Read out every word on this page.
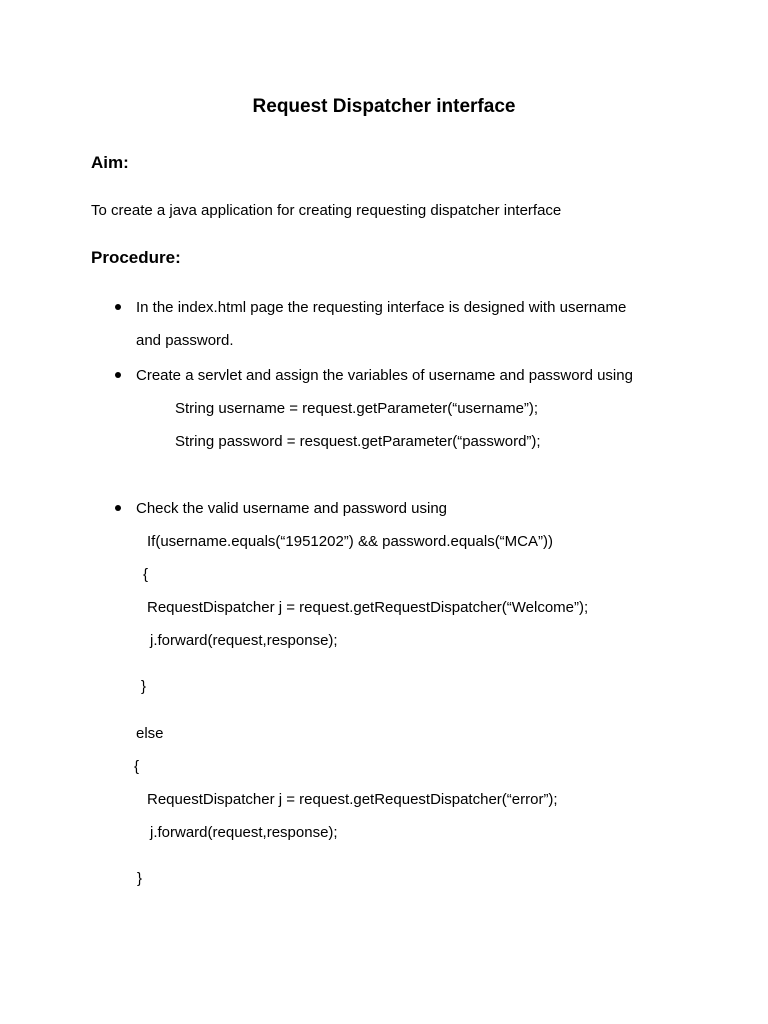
Request Dispatcher interface
Aim:
To create a java application for creating requesting dispatcher interface
Procedure:
In the index.html page the requesting interface is designed with username
and password.
Create a servlet and assign the variables of username and password using
String username = request.getParameter(“username”);
String password = resquest.getParameter(“password”);
Check the valid username and password using
If(username.equals(“1951202”) && password.equals(“MCA”))
{
RequestDispatcher j = request.getRequestDispatcher(“Welcome”);
j.forward(request,response);
}
else
{
RequestDispatcher j = request.getRequestDispatcher(“error”);
j.forward(request,response);
}
